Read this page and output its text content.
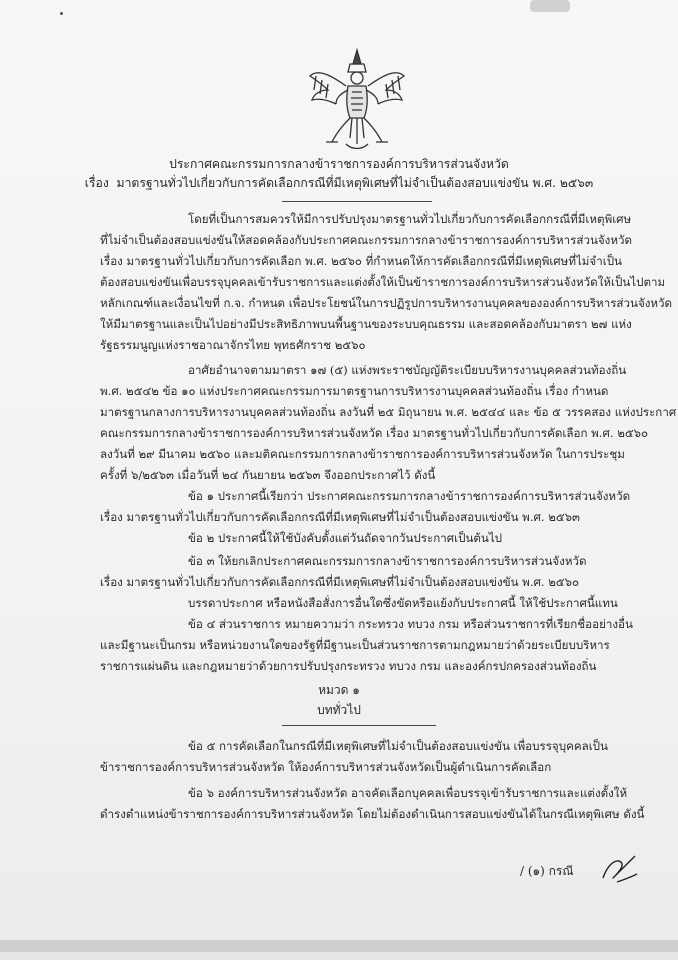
ประกาศคณะกรรมการกลางข้าราชการองค์การบริหารส่วนจังหวัด
เรื่อง มาตรฐานทั่วไปเกี่ยวกับการคัดเลือกกรณีที่มีเหตุพิเศษที่ไม่จำเป็นต้องสอบแข่งขัน พ.ศ. ๒๕๖๓
โดยที่เป็นการสมควรให้มีการปรับปรุงมาตรฐานทั่วไปเกี่ยวกับการคัดเลือกกรณีที่มีเหตุพิเศษ
ที่ไม่จำเป็นต้องสอบแข่งขันให้สอดคล้องกับประกาศคณะกรรมการกลางข้าราชการองค์การบริหารส่วนจังหวัด
เรื่อง มาตรฐานทั่วไปเกี่ยวกับการคัดเลือก พ.ศ. ๒๕๖๐ ที่กำหนดให้การคัดเลือกกรณีที่มีเหตุพิเศษที่ไม่จำเป็น
ต้องสอบแข่งขันเพื่อบรรจุบุคคลเข้ารับราชการและแต่งตั้งให้เป็นข้าราชการองค์การบริหารส่วนจังหวัดให้เป็นไปตาม
หลักเกณฑ์และเงื่อนไขที่ ก.จ. กำหนด เพื่อประโยชน์ในการปฏิรูปการบริหารงานบุคคลขององค์การบริหารส่วนจังหวัด
ให้มีมาตรฐานและเป็นไปอย่างมีประสิทธิภาพบนพื้นฐานของระบบคุณธรรม และสอดคล้องกับมาตรา ๒๗ แห่ง
รัฐธรรมนูญแห่งราชอาณาจักรไทย พุทธศักราช ๒๕๖๐
อาศัยอำนาจตามมาตรา ๑๗ (๕) แห่งพระราชบัญญัติระเบียบบริหารงานบุคคลส่วนท้องถิ่น
พ.ศ. ๒๕๔๒ ข้อ ๑๐ แห่งประกาศคณะกรรมการมาตรฐานการบริหารงานบุคคลส่วนท้องถิ่น เรื่อง กำหนด
มาตรฐานกลางการบริหารงานบุคคลส่วนท้องถิ่น ลงวันที่ ๒๕ มิถุนายน พ.ศ. ๒๕๔๔ และ ข้อ ๕ วรรคสอง แห่งประกาศ
คณะกรรมการกลางข้าราชการองค์การบริหารส่วนจังหวัด เรื่อง มาตรฐานทั่วไปเกี่ยวกับการคัดเลือก พ.ศ. ๒๕๖๐
ลงวันที่ ๒๙ มีนาคม ๒๕๖๐ และมติคณะกรรมการกลางข้าราชการองค์การบริหารส่วนจังหวัด ในการประชุม
ครั้งที่ ๖/๒๕๖๓ เมื่อวันที่ ๒๔ กันยายน ๒๕๖๓ จึงออกประกาศไว้ ดังนี้
ข้อ ๑ ประกาศนี้เรียกว่า ประกาศคณะกรรมการกลางข้าราชการองค์การบริหารส่วนจังหวัด
เรื่อง มาตรฐานทั่วไปเกี่ยวกับการคัดเลือกกรณีที่มีเหตุพิเศษที่ไม่จำเป็นต้องสอบแข่งขัน พ.ศ. ๒๕๖๓
ข้อ ๒ ประกาศนี้ให้ใช้บังคับตั้งแต่วันถัดจากวันประกาศเป็นต้นไป
ข้อ ๓ ให้ยกเลิกประกาศคณะกรรมการกลางข้าราชการองค์การบริหารส่วนจังหวัด
เรื่อง มาตรฐานทั่วไปเกี่ยวกับการคัดเลือกกรณีที่มีเหตุพิเศษที่ไม่จำเป็นต้องสอบแข่งขัน พ.ศ. ๒๕๖๐
บรรดาประกาศ หรือหนังสือสั่งการอื่นใดซึ่งขัดหรือแย้งกับประกาศนี้ ให้ใช้ประกาศนี้แทน
ข้อ ๔ ส่วนราชการ หมายความว่า กระทรวง ทบวง กรม หรือส่วนราชการที่เรียกชื่ออย่างอื่น
และมีฐานะเป็นกรม หรือหน่วยงานใดของรัฐที่มีฐานะเป็นส่วนราชการตามกฎหมายว่าด้วยระเบียบบริหาร
ราชการแผ่นดิน และกฎหมายว่าด้วยการปรับปรุงกระทรวง ทบวง กรม และองค์กรปกครองส่วนท้องถิ่น
หมวด ๑
บททั่วไป
ข้อ ๕ การคัดเลือกในกรณีที่มีเหตุพิเศษที่ไม่จำเป็นต้องสอบแข่งขัน เพื่อบรรจุบุคคลเป็น
ข้าราชการองค์การบริหารส่วนจังหวัด ให้องค์การบริหารส่วนจังหวัดเป็นผู้ดำเนินการคัดเลือก
ข้อ ๖ องค์การบริหารส่วนจังหวัด อาจคัดเลือกบุคคลเพื่อบรรจุเข้ารับราชการและแต่งตั้งให้
ดำรงตำแหน่งข้าราชการองค์การบริหารส่วนจังหวัด โดยไม่ต้องดำเนินการสอบแข่งขันได้ในกรณีเหตุพิเศษ ดังนี้
/ (๑) กรณี
